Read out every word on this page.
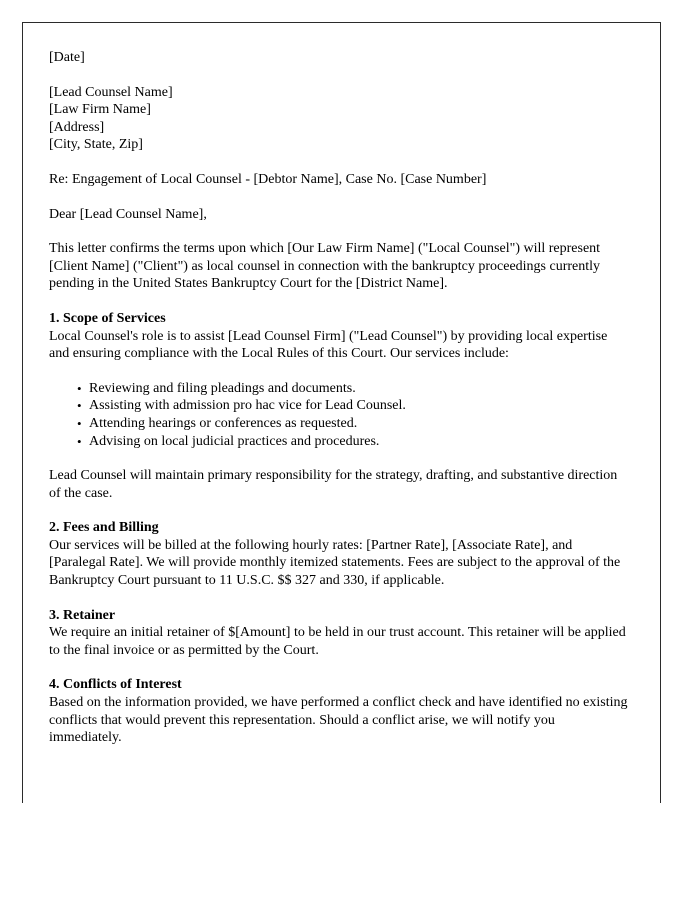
[Date]
[Lead Counsel Name]
[Law Firm Name]
[Address]
[City, State, Zip]
Re: Engagement of Local Counsel - [Debtor Name], Case No. [Case Number]
Dear [Lead Counsel Name],
This letter confirms the terms upon which [Our Law Firm Name] ("Local Counsel") will represent [Client Name] ("Client") as local counsel in connection with the bankruptcy proceedings currently pending in the United States Bankruptcy Court for the [District Name].
1. Scope of Services
Local Counsel's role is to assist [Lead Counsel Firm] ("Lead Counsel") by providing local expertise and ensuring compliance with the Local Rules of this Court. Our services include:
• Reviewing and filing pleadings and documents.
• Assisting with admission pro hac vice for Lead Counsel.
• Attending hearings or conferences as requested.
• Advising on local judicial practices and procedures.
Lead Counsel will maintain primary responsibility for the strategy, drafting, and substantive direction of the case.
2. Fees and Billing
Our services will be billed at the following hourly rates: [Partner Rate], [Associate Rate], and [Paralegal Rate]. We will provide monthly itemized statements. Fees are subject to the approval of the Bankruptcy Court pursuant to 11 U.S.C. $$ 327 and 330, if applicable.
3. Retainer
We require an initial retainer of $[Amount] to be held in our trust account. This retainer will be applied to the final invoice or as permitted by the Court.
4. Conflicts of Interest
Based on the information provided, we have performed a conflict check and have identified no existing conflicts that would prevent this representation. Should a conflict arise, we will notify you immediately.
